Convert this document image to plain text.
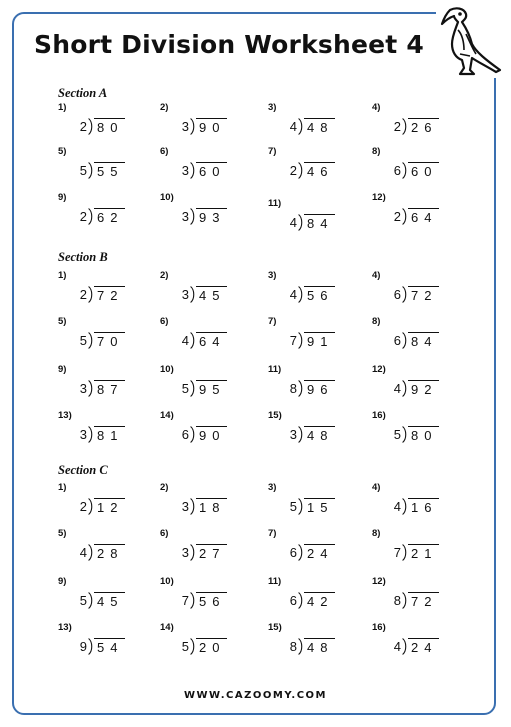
Short Division Worksheet 4
Section A
1)
2 80
2)
3 90
3)
4 48
4)
2 26
5)
5 55
6)
3 60
7)
2 46
8)
6 60
9)
2 62
10)
3 93
11)
4 84
12)
2 64
Section B
1)
2 72
2)
3 45
3)
4 56
4)
6 72
5)
5 70
6)
4 64
7)
7 91
8)
6 84
9)
3 87
10)
5 95
11)
8 96
12)
4 92
13)
3 81
14)
6 90
15)
3 48
16)
5 80
Section C
1)
2 12
2)
3 18
3)
5 15
4)
4 16
5)
4 28
6)
3 27
7)
6 24
8)
7 21
9)
5 45
10)
7 56
11)
6 42
12)
8 72
13)
9 54
14)
5 20
15)
8 48
16)
4 24
WWW.CAZOOMY.COM
